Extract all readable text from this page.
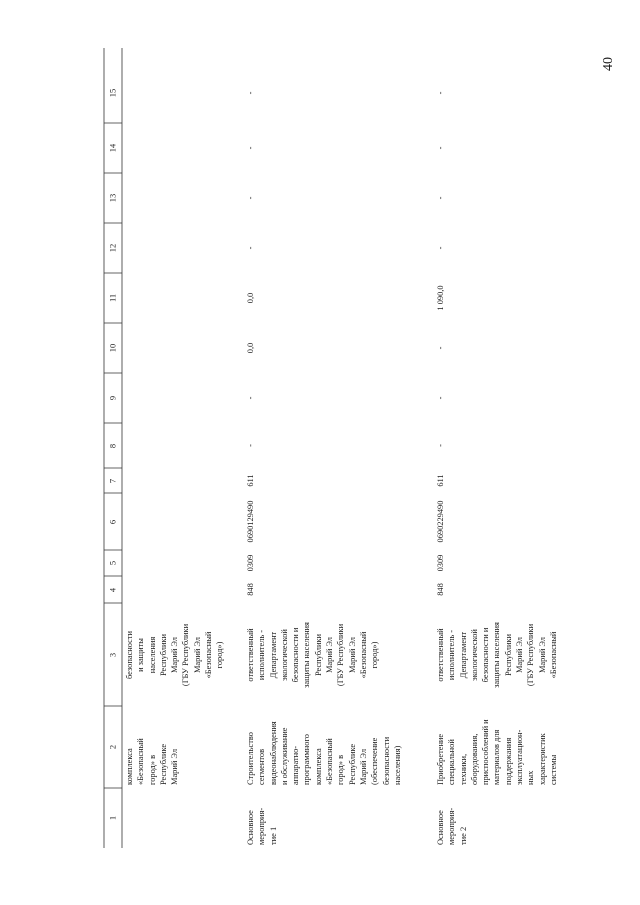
40
1
2
3
4
5
6
7
8
9
10
11
12
13
14
15
комплекса
«Безопасный
город» в
Республике
Марий Эл
безопасности
и защиты
населения
Республики
Марий Эл
(ГБУ Республики
Марий Эл
«Безопасный
город»)
Основное
мероприя-
тие 1
Строительство
сегментов
видеонаблюдения
и обслуживание
аппаратно-
программного
комплекса
«Безопасный
город» в
Республике
Марий Эл
(обеспечение
безопасности
населения)
ответственный
исполнитель -
Департамент
экологической
безопасности и
защиты населения
Республики
Марий Эл
(ГБУ Республики
Марий Эл
«Безопасный
город»)
848
0309
0690129490
611
-
-
0,0
0,0
-
-
-
-
Основное
мероприя-
тие 2
Приобретение
специальной
техники,
оборудования,
приспособлений и
материалов для
поддержания
эксплуатацион-
ных
характеристик
системы
ответственный
исполнитель -
Департамент
экологической
безопасности и
защиты населения
Республики
Марий Эл
(ГБУ Республики
Марий Эл
«Безопасный
848
0309
0690229490
611
-
-
-
1 090,0
-
-
-
-
